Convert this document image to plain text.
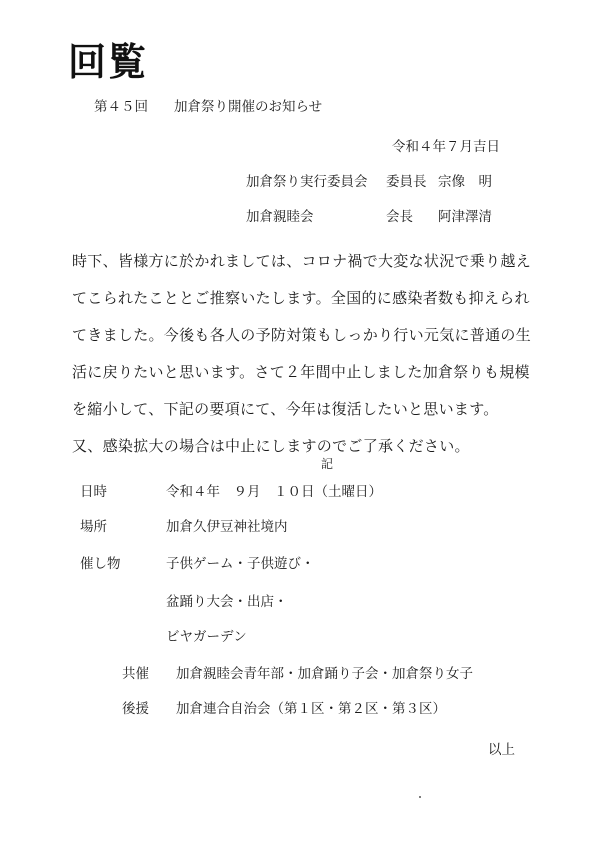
回覧
第４５回 加倉祭り開催のお知らせ
令和４年７月吉日
加倉祭り実行委員会 委員長 宗像　明
加倉親睦会	会長 阿津澤清
時下、皆様方に於かれましては、コロナ禍で大変な状況で乗り越え
てこられたこととご推察いたします。全国的に感染者数も抑えられ
てきました。今後も各人の予防対策もしっかり行い元気に普通の生
活に戻りたいと思います。さて２年間中止しました加倉祭りも規模
を縮小して、下記の要項にて、今年は復活したいと思います。
又、感染拡大の場合は中止にしますのでご了承ください。
記
日時	令和４年　９月　１０日（土曜日）
場所	加倉久伊豆神社境内
催し物	子供ゲーム・子供遊び・
盆踊り大会・出店・
ビヤガーデン
共催 加倉親睦会青年部・加倉踊り子会・加倉祭り女子
後援 加倉連合自治会（第１区・第２区・第３区）
以上
